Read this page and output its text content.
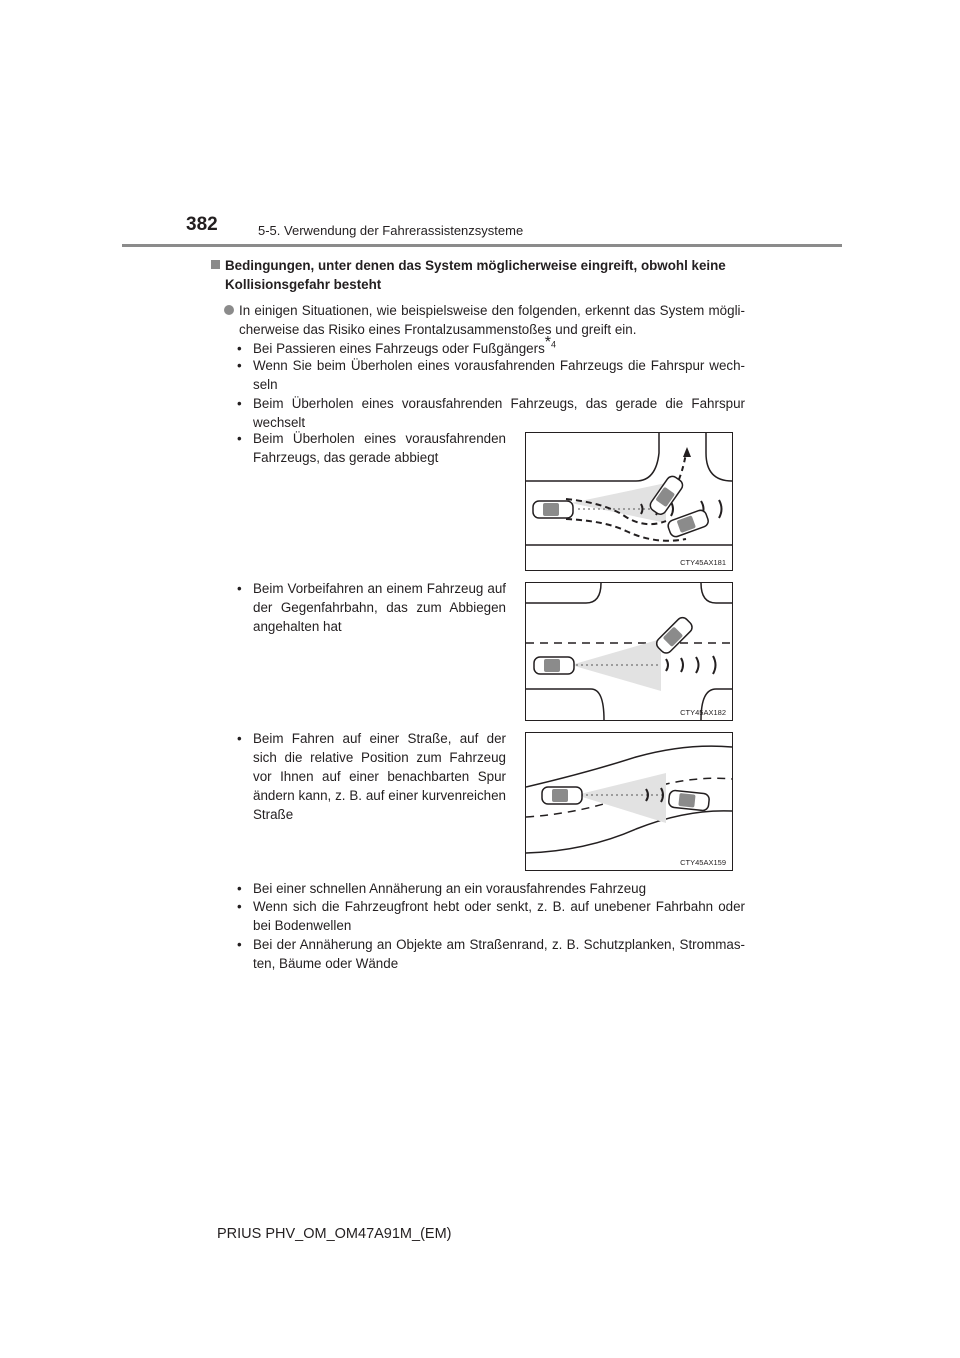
382	5-5. Verwendung der Fahrerassistenzsysteme
Bedingungen, unter denen das System möglicherweise eingreift, obwohl keine
Kollisionsgefahr besteht
In einigen Situationen, wie beispielsweise den folgenden, erkennt das System mögli-cherweise das Risiko eines Frontalzusammenstoßes und greift ein.
• Bei Passieren eines Fahrzeugs oder Fußgängers$^{*4}$
• Wenn Sie beim Überholen eines vorausfahrenden Fahrzeugs die Fahrspur wech-seln
• Beim Überholen eines vorausfahrenden Fahrzeugs, das gerade die Fahrspur wechselt
• Beim Überholen eines vorausfahrenden Fahrzeugs, das gerade abbiegt
CTY45AX181
• Beim Vorbeifahren an einem Fahrzeug auf der Gegenfahrbahn, das zum Abbiegen angehalten hat
CTY45AX182
• Beim Fahren auf einer Straße, auf der sich die relative Position zum Fahrzeug vor Ihnen auf einer benachbarten Spur ändern kann, z. B. auf einer kurvenreichen Straße
CTY45AX159
• Bei einer schnellen Annäherung an ein vorausfahrendes Fahrzeug
• Wenn sich die Fahrzeugfront hebt oder senkt, z. B. auf unebener Fahrbahn oder bei Bodenwellen
• Bei der Annäherung an Objekte am Straßenrand, z. B. Schutzplanken, Strommas-ten, Bäume oder Wände
PRIUS PHV_OM_OM47A91M_(EM)
